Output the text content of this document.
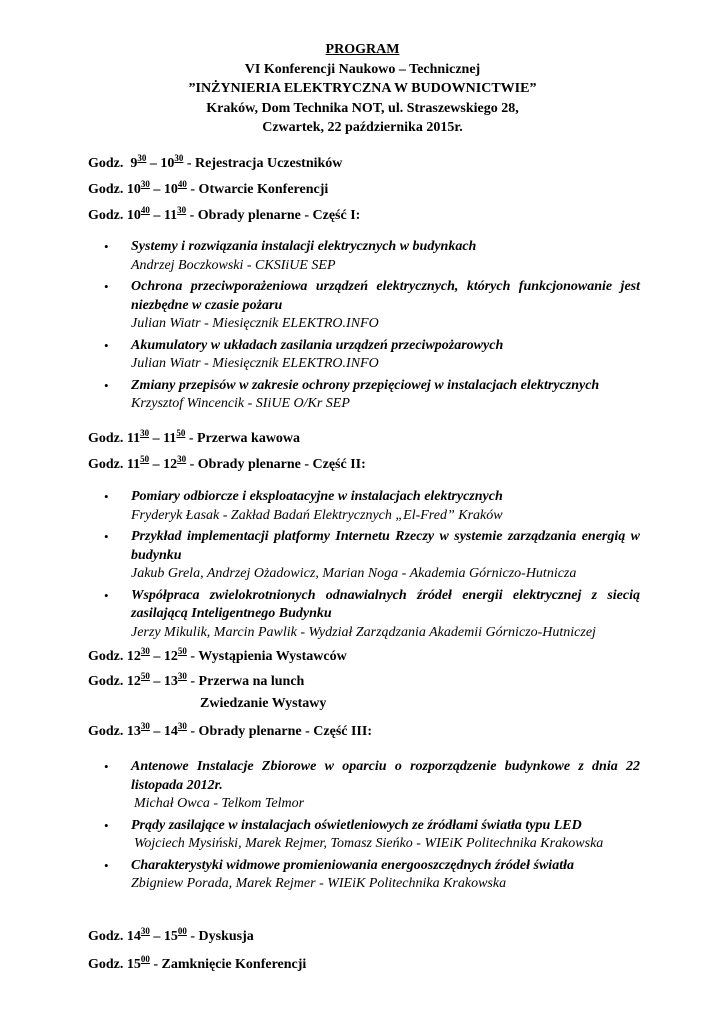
PROGRAM
VI Konferencji Naukowo – Technicznej
”INŻYNIERIA ELEKTRYCZNA W BUDOWNICTWIE”
Kraków, Dom Technika NOT, ul. Straszewskiego 28,
Czwartek, 22 października 2015r.
Godz. $9^{30} - 10^{30}$ - Rejestracja Uczestników
Godz. $10^{30} - 10^{40}$ - Otwarcie Konferencji
Godz. $10^{40} - 11^{30}$ - Obrady plenarne - Część I:
• Systemy i rozwiązania instalacji elektrycznych w budynkach
Andrzej Boczkowski - CKSIiUE SEP
• Ochrona przeciwporażeniowa urządzeń elektrycznych, których funkcjonowanie jest niezbędne w czasie pożaru
Julian Wiatr - Miesięcznik ELEKTRO.INFO
• Akumulatory w układach zasilania urządzeń przeciwpożarowych
Julian Wiatr - Miesięcznik ELEKTRO.INFO
• Zmiany przepisów w zakresie ochrony przepięciowej w instalacjach elektrycznych
Krzysztof Wincencik - SIiUE O/Kr SEP
Godz. $11^{30} - 11^{50}$ - Przerwa kawowa
Godz. $11^{50} - 12^{30}$ - Obrady plenarne - Część II:
• Pomiary odbiorcze i eksploatacyjne w instalacjach elektrycznych
Fryderyk Łasak - Zakład Badań Elektrycznych „El-Fred” Kraków
• Przykład implementacji platformy Internetu Rzeczy w systemie zarządzania energią w budynku
Jakub Grela, Andrzej Ożadowicz, Marian Noga - Akademia Górniczo-Hutnicza
• Współpraca zwielokrotnionych odnawialnych źródeł energii elektrycznej z siecią zasilającą Inteligentnego Budynku
Jerzy Mikulik, Marcin Pawlik - Wydział Zarządzania Akademii Górniczo-Hutniczej
Godz. $12^{30} - 12^{50}$ - Wystąpienia Wystawców
Godz. $12^{50} - 13^{30}$ - Przerwa na lunch
Zwiedzanie Wystawy
Godz. $13^{30} - 14^{30}$ - Obrady plenarne - Część III:
• Antenowe Instalacje Zbiorowe w oparciu o rozporządzenie budynkowe z dnia 22 listopada 2012r.
Michał Owca - Telkom Telmor
• Prądy zasilające w instalacjach oświetleniowych ze źródłami światła typu LED
Wojciech Mysiński, Marek Rejmer, Tomasz Sieńko - WIEiK Politechnika Krakowska
• Charakterystyki widmowe promieniowania energooszczędnych źródeł światła
Zbigniew Porada, Marek Rejmer - WIEiK Politechnika Krakowska
Godz. $14^{30} - 15^{00}$ - Dyskusja
Godz. $15^{00}$ - Zamknięcie Konferencji
